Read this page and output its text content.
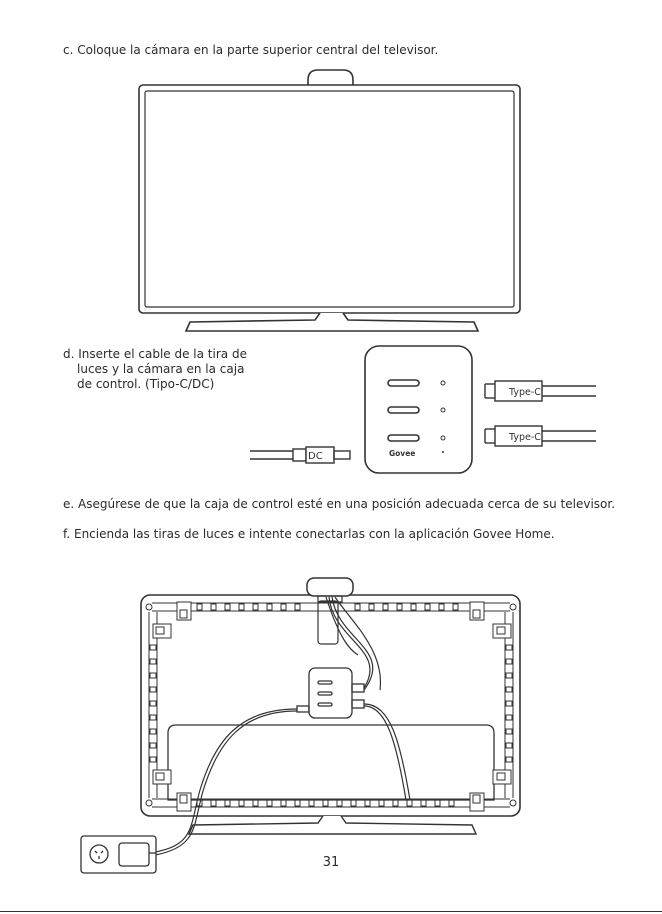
c. Coloque la cámara en la parte superior central del televisor.
d. Inserte el cable de la tira de
luces y la cámara en la caja
de control. (Tipo-C/DC)
e. Asegúrese de que la caja de control esté en una posición adecuada cerca de su televisor.
f. Encienda las tiras de luces e intente conectarlas con la aplicación Govee Home.
DC
Type-C
Type-C
Govee
31
